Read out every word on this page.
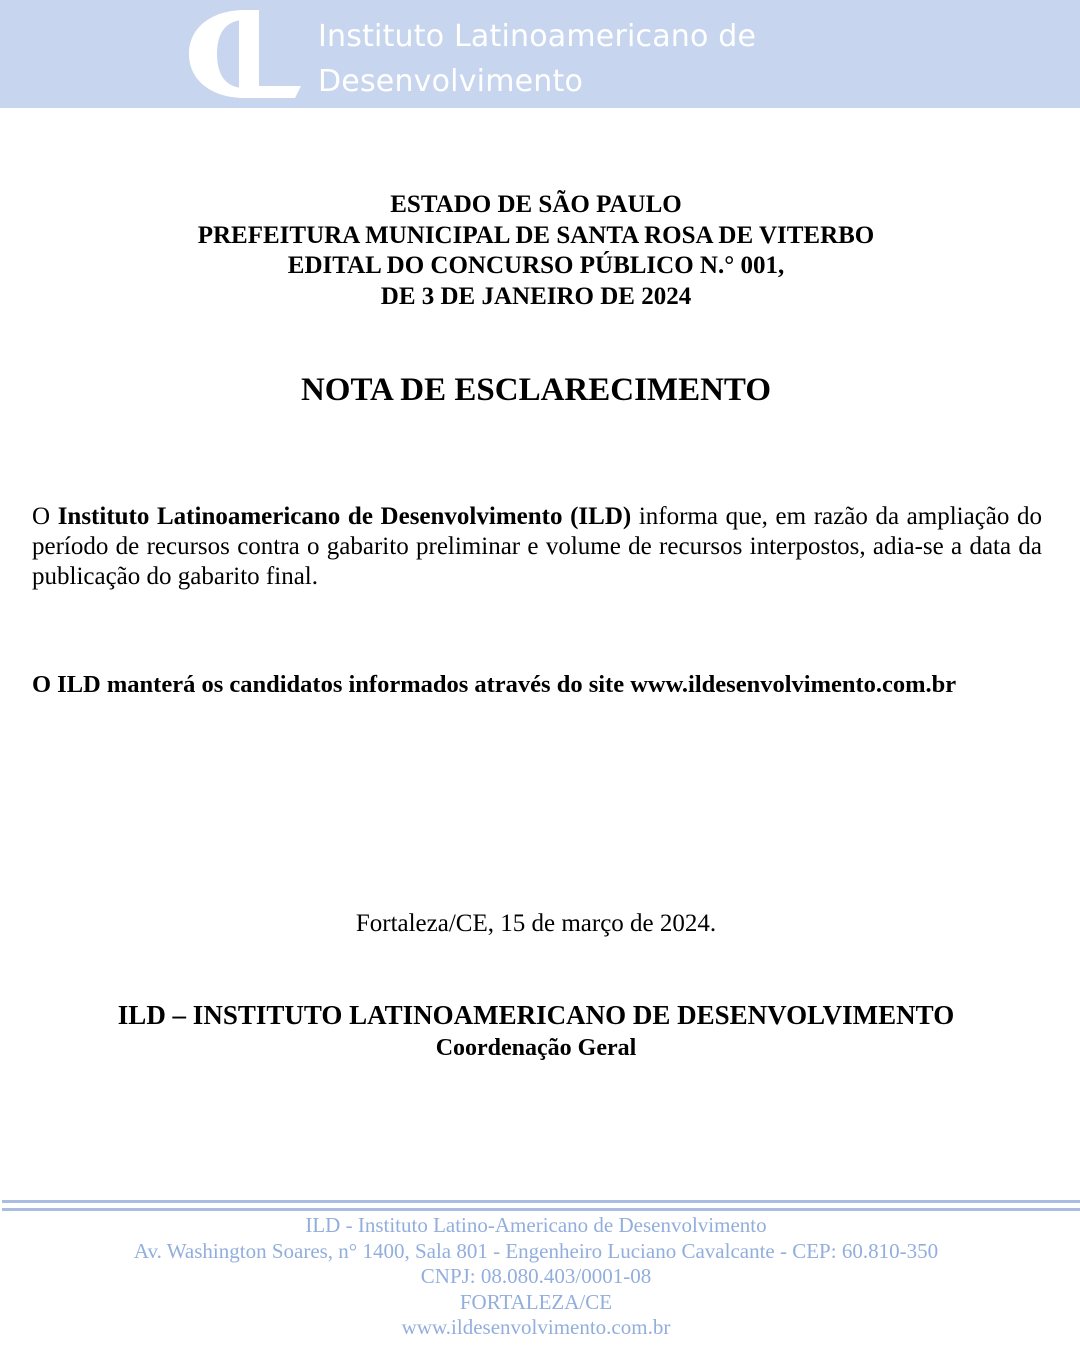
Instituto Latinoamericano de
Desenvolvimento
ESTADO DE SÃO PAULO
PREFEITURA MUNICIPAL DE SANTA ROSA DE VITERBO
EDITAL DO CONCURSO PÚBLICO N.° 001,
DE 3 DE JANEIRO DE 2024
NOTA DE ESCLARECIMENTO
O Instituto Latinoamericano de Desenvolvimento (ILD) informa que, em razão da ampliação do período de recursos contra o gabarito preliminar e volume de recursos interpostos, adia-se a data da publicação do gabarito final.
O ILD manterá os candidatos informados através do site www.ildesenvolvimento.com.br
Fortaleza/CE, 15 de março de 2024.
ILD – INSTITUTO LATINOAMERICANO DE DESENVOLVIMENTO
Coordenação Geral
ILD - Instituto Latino-Americano de Desenvolvimento
Av. Washington Soares, n° 1400, Sala 801 - Engenheiro Luciano Cavalcante - CEP: 60.810-350
CNPJ: 08.080.403/0001-08
FORTALEZA/CE
www.ildesenvolvimento.com.br
